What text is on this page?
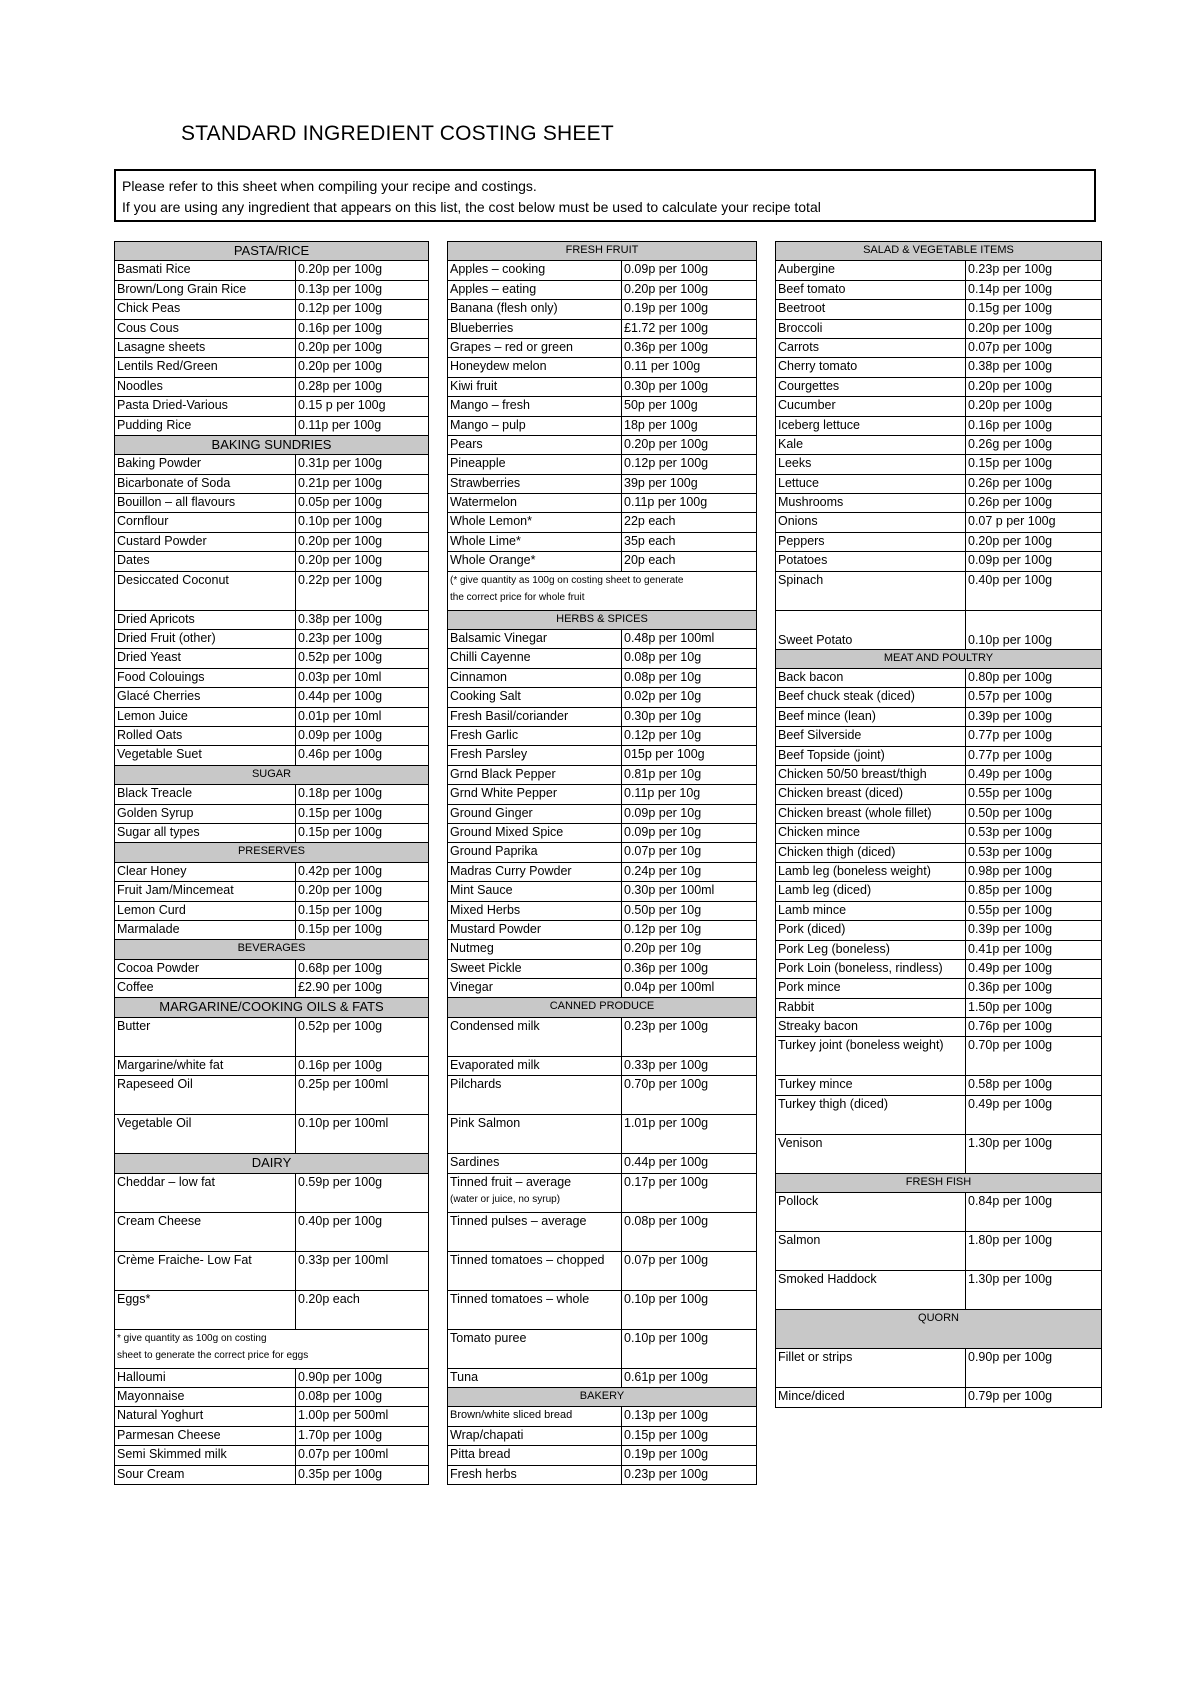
STANDARD INGREDIENT COSTING SHEET
Please refer to this sheet when compiling your recipe and costings.
If you are using any ingredient that appears on this list, the cost below must be used to calculate your recipe total
PASTA/RICE	
Basmati Rice	0.20p per 100g
Brown/Long Grain Rice	0.13p per 100g
Chick Peas	0.12p per 100g
Cous Cous	0.16p per 100g
Lasagne sheets	0.20p per 100g
Lentils Red/Green	0.20p per 100g
Noodles	0.28p per 100g
Pasta Dried-Various	0.15 p per 100g
Pudding Rice	0.11p per 100g
BAKING SUNDRIES	
Baking Powder	0.31p per 100g
Bicarbonate of Soda	0.21p per 100g
Bouillon – all flavours	0.05p per 100g
Cornflour	0.10p per 100g
Custard Powder	0.20p per 100g
Dates	0.20p per 100g
Desiccated Coconut	0.22p per 100g
Dried Apricots	0.38p per 100g
Dried Fruit (other)	0.23p per 100g
Dried Yeast	0.52p per 100g
Food Colouings	0.03p per 10ml
Glacé Cherries	0.44p per 100g
Lemon Juice	0.01p per 10ml
Rolled Oats	0.09p per 100g
Vegetable Suet	0.46p per 100g
SUGAR	
Black Treacle	0.18p per 100g
Golden Syrup	0.15p per 100g
Sugar all types	0.15p per 100g
PRESERVES	
Clear Honey	0.42p per 100g
Fruit Jam/Mincemeat	0.20p per 100g
Lemon Curd	0.15p per 100g
Marmalade	0.15p per 100g
BEVERAGES	
Cocoa Powder	0.68p per 100g
Coffee	£2.90 per 100g
MARGARINE/COOKING OILS & FATS	
Butter	0.52p per 100g
Margarine/white fat	0.16p per 100g
Rapeseed Oil	0.25p per 100ml
Vegetable Oil	0.10p per 100ml
DAIRY	
Cheddar – low fat	0.59p per 100g
Cream Cheese	0.40p per 100g
Crème Fraiche- Low Fat	0.33p per 100ml
Eggs*	0.20p each

* give quantity as 100g on costing
sheet to generate the correct price for eggs	

Halloumi	0.90p per 100g
Mayonnaise	0.08p per 100g
Natural Yoghurt	1.00p per 500ml
Parmesan Cheese	1.70p per 100g
Semi Skimmed milk	0.07p per 100ml
Sour Cream	0.35p per 100g
FRESH FRUIT	
Apples – cooking	0.09p per 100g
Apples – eating	0.20p per 100g
Banana (flesh only)	0.19p per 100g
Blueberries	£1.72 per 100g
Grapes – red or green	0.36p per 100g
Honeydew melon	0.11 per 100g
Kiwi fruit	0.30p per 100g
Mango – fresh	50p per 100g
Mango – pulp	18p per 100g
Pears	0.20p per 100g
Pineapple	0.12p per 100g
Strawberries	39p per 100g
Watermelon	0.11p per 100g
Whole Lemon*	22p each
Whole Lime*	35p each
Whole Orange*	20p each

(* give quantity as 100g on costing sheet to generate
the correct price for whole fruit	

HERBS & SPICES	
Balsamic Vinegar	0.48p per 100ml
Chilli Cayenne	0.08p per 10g
Cinnamon	0.08p per 10g
Cooking Salt	0.02p per 10g
Fresh Basil/coriander	0.30p per 10g
Fresh Garlic	0.12p per 10g
Fresh Parsley	015p per 100g
Grnd Black Pepper	0.81p per 10g
Grnd White Pepper	0.11p per 10g
Ground Ginger	0.09p per 10g
Ground Mixed Spice	0.09p per 10g
Ground Paprika	0.07p per 10g
Madras Curry Powder	0.24p per 10g
Mint Sauce	0.30p per 100ml
Mixed Herbs	0.50p per 10g
Mustard Powder	0.12p per 10g
Nutmeg	0.20p per 10g
Sweet Pickle	0.36p per 100g
Vinegar	0.04p per 100ml
CANNED PRODUCE	
Condensed milk	0.23p per 100g
Evaporated milk	0.33p per 100g
Pilchards	0.70p per 100g
Pink Salmon	1.01p per 100g
Sardines	0.44p per 100g

Tinned fruit – average
(water or juice, no syrup)	0.17p per 100g
Tinned pulses – average	0.08p per 100g
Tinned tomatoes – chopped	0.07p per 100g
Tinned tomatoes – whole	0.10p per 100g
Tomato puree	0.10p per 100g
Tuna	0.61p per 100g
BAKERY	
Brown/white sliced bread	0.13p per 100g
Wrap/chapati	0.15p per 100g
Pitta bread	0.19p per 100g
Fresh herbs	0.23p per 100g
SALAD & VEGETABLE ITEMS	
Aubergine	0.23p per 100g
Beef tomato	0.14p per 100g
Beetroot	0.15g per 100g
Broccoli	0.20p per 100g
Carrots	0.07p per 100g
Cherry tomato	0.38p per 100g
Courgettes	0.20p per 100g
Cucumber	0.20p per 100g
Iceberg lettuce	0.16p per 100g
Kale	0.26g per 100g
Leeks	0.15p per 100g
Lettuce	0.26p per 100g
Mushrooms	0.26p per 100g
Onions	0.07 p per 100g
Peppers	0.20p per 100g
Potatoes	0.09p per 100g
Spinach	0.40p per 100g
Sweet Potato	0.10p per 100g
MEAT AND POULTRY	
Back bacon	0.80p per 100g
Beef chuck steak (diced)	0.57p per 100g
Beef mince (lean)	0.39p per 100g
Beef Silverside	0.77p per 100g
Beef Topside (joint)	0.77p per 100g
Chicken 50/50 breast/thigh	0.49p per 100g
Chicken breast (diced)	0.55p per 100g
Chicken breast (whole fillet)	0.50p per 100g
Chicken mince	0.53p per 100g
Chicken thigh (diced)	0.53p per 100g
Lamb leg (boneless weight)	0.98p per 100g
Lamb leg (diced)	0.85p per 100g
Lamb mince	0.55p per 100g
Pork (diced)	0.39p per 100g
Pork Leg (boneless)	0.41p per 100g
Pork Loin (boneless, rindless)	0.49p per 100g
Pork mince	0.36p per 100g
Rabbit	1.50p per 100g
Streaky bacon	0.76p per 100g
Turkey joint (boneless weight)	0.70p per 100g
Turkey mince	0.58p per 100g
Turkey thigh (diced)	0.49p per 100g
Venison	1.30p per 100g
FRESH FISH	
Pollock	0.84p per 100g
Salmon	1.80p per 100g
Smoked Haddock	1.30p per 100g
QUORN	
Fillet or strips	0.90p per 100g
Mince/diced	0.79p per 100g
